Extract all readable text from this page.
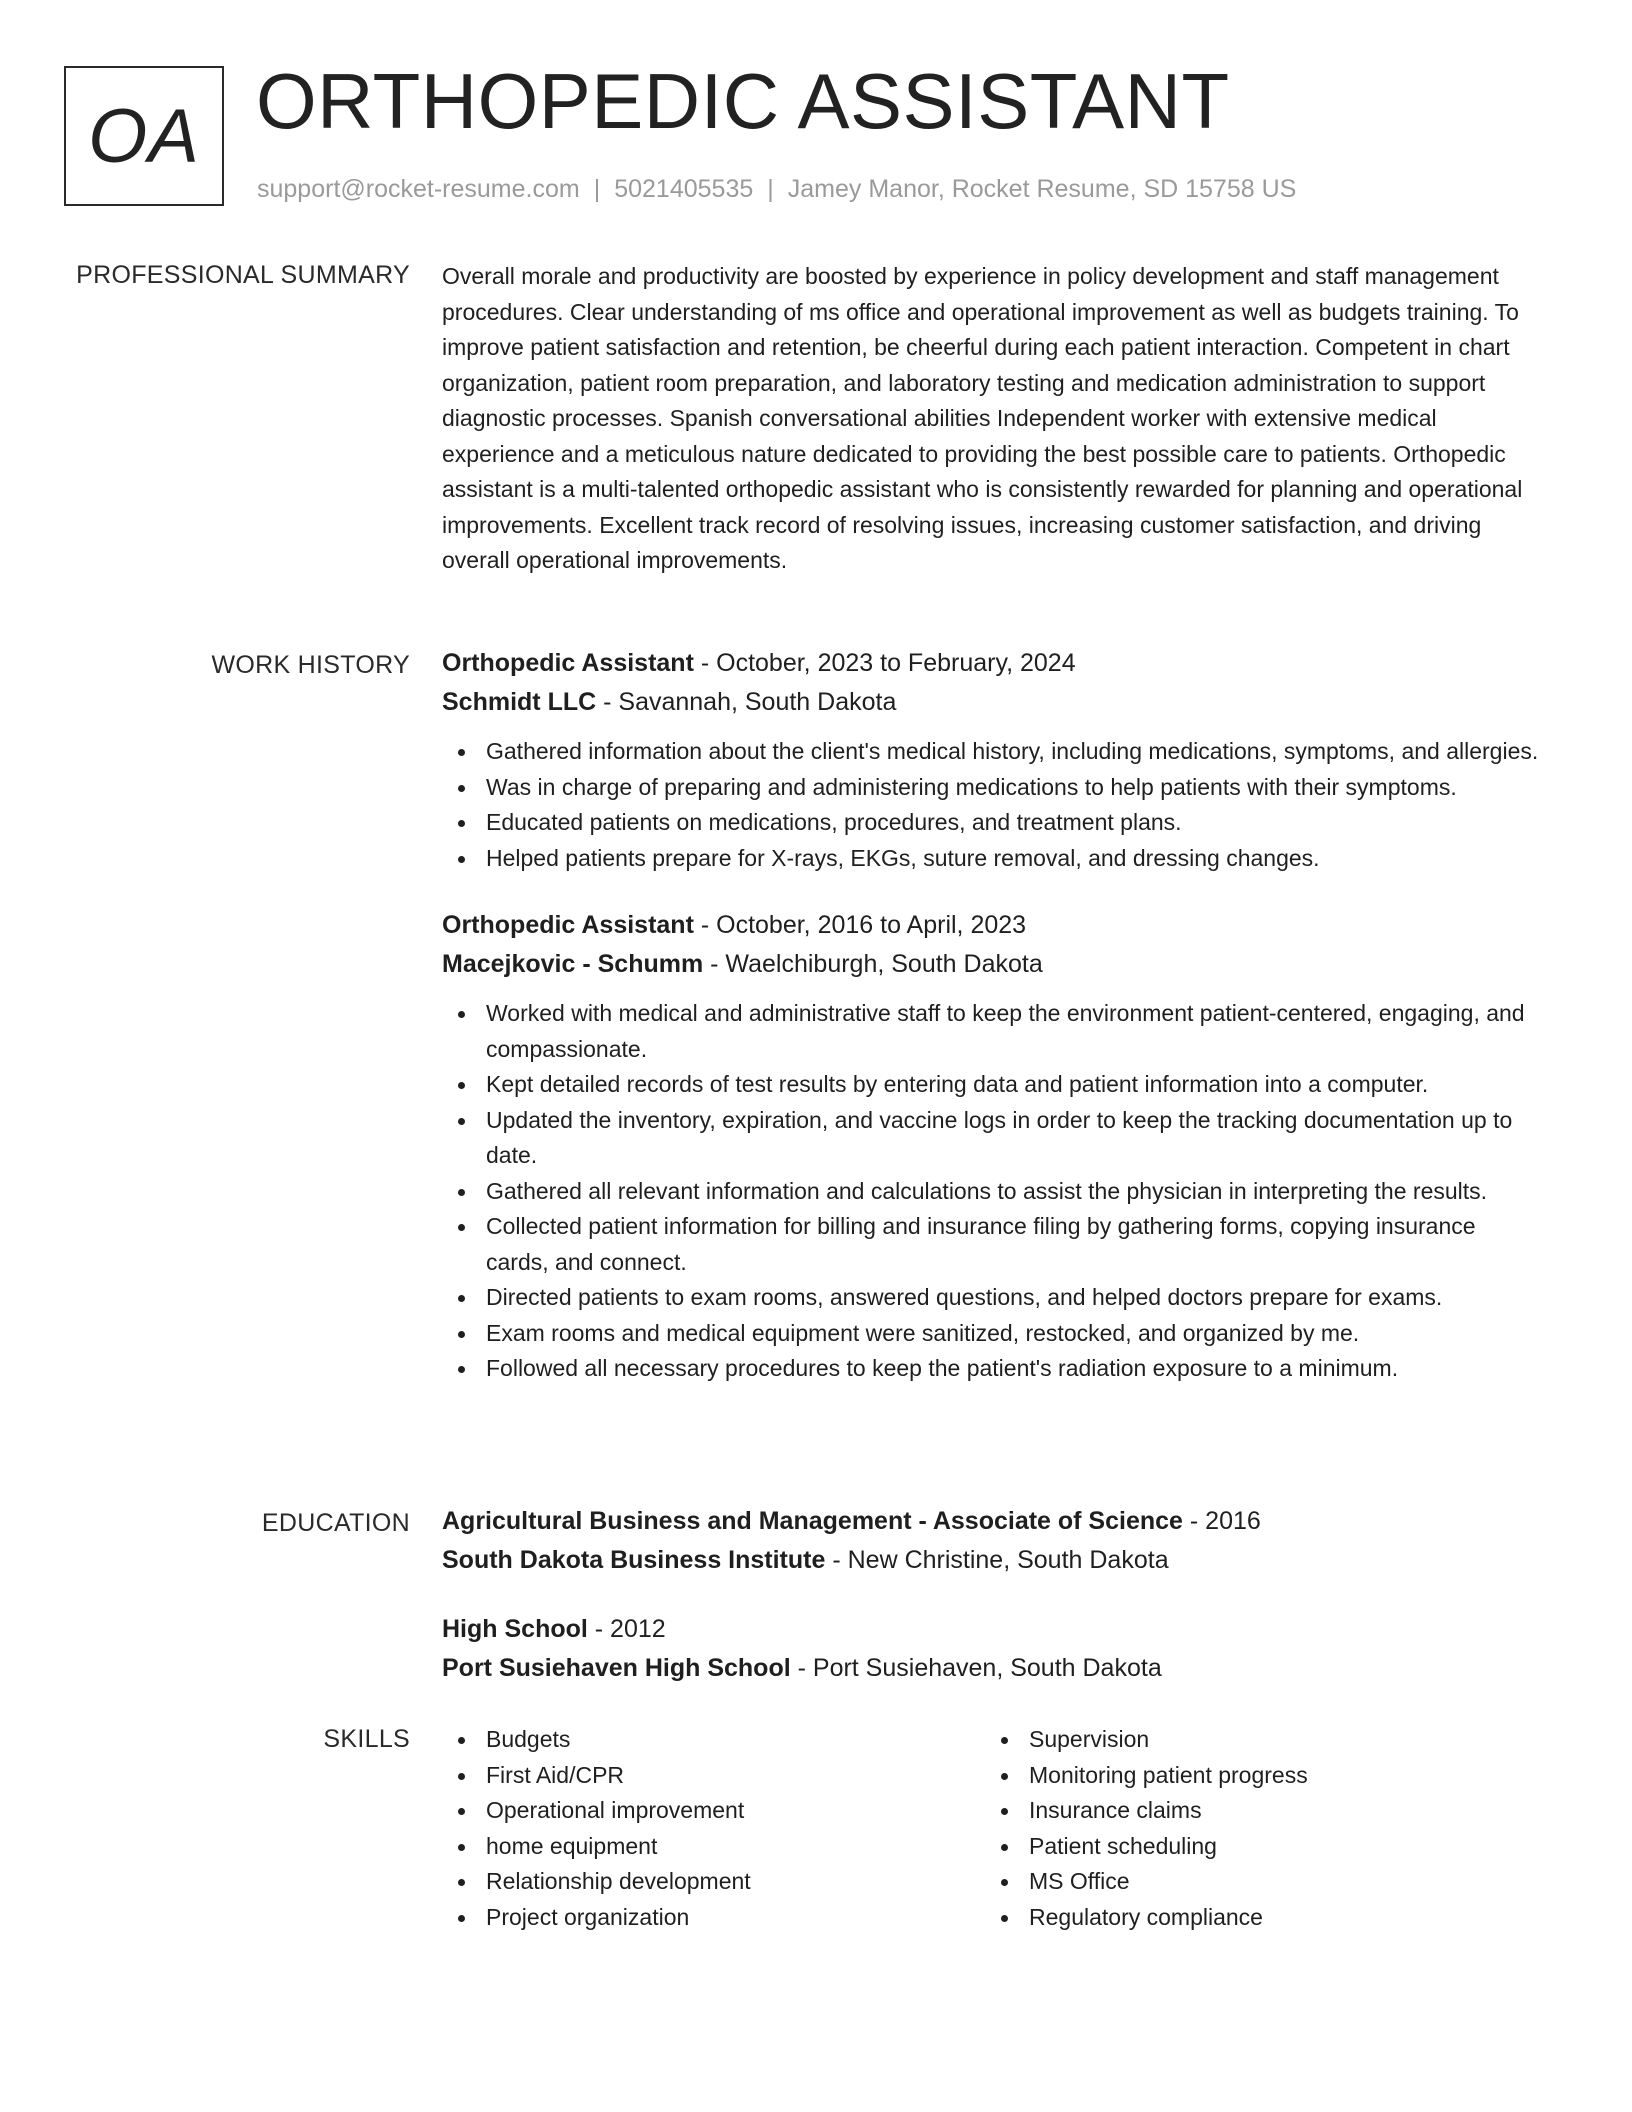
OA ORTHOPEDIC ASSISTANT
support@rocket-resume.com | 5021405535 | Jamey Manor, Rocket Resume, SD 15758 US
PROFESSIONAL SUMMARY Overall morale and productivity are boosted by experience in policy development and staff management procedures. Clear understanding of ms office and operational improvement as well as budgets training. To improve patient satisfaction and retention, be cheerful during each patient interaction. Competent in chart organization, patient room preparation, and laboratory testing and medication administration to support diagnostic processes. Spanish conversational abilities Independent worker with extensive medical experience and a meticulous nature dedicated to providing the best possible care to patients. Orthopedic assistant is a multi-talented orthopedic assistant who is consistently rewarded for planning and operational improvements. Excellent track record of resolving issues, increasing customer satisfaction, and driving overall operational improvements.

WORK HISTORY Orthopedic Assistant - October, 2023 to February, 2024
Schmidt LLC - Savannah, South Dakota
Gathered information about the client's medical history, including medications, symptoms, and allergies.
Was in charge of preparing and administering medications to help patients with their symptoms.
Educated patients on medications, procedures, and treatment plans.
Helped patients prepare for X-rays, EKGs, suture removal, and dressing changes.
Orthopedic Assistant - October, 2016 to April, 2023
Macejkovic - Schumm - Waelchiburgh, South Dakota
Worked with medical and administrative staff to keep the environment patient-centered, engaging, and compassionate.
Kept detailed records of test results by entering data and patient information into a computer.
Updated the inventory, expiration, and vaccine logs in order to keep the tracking documentation up to date.
Gathered all relevant information and calculations to assist the physician in interpreting the results.
Collected patient information for billing and insurance filing by gathering forms, copying insurance cards, and connect.
Directed patients to exam rooms, answered questions, and helped doctors prepare for exams.
Exam rooms and medical equipment were sanitized, restocked, and organized by me.
Followed all necessary procedures to keep the patient's radiation exposure to a minimum.
EDUCATION Agricultural Business and Management - Associate of Science - 2016
South Dakota Business Institute - New Christine, South Dakota
High School - 2012
Port Susiehaven High School - Port Susiehaven, South Dakota
SKILLS	Budgets
First Aid/CPR
Operational improvement
home equipment
Relationship development
Project organization
Supervision
Monitoring patient progress
Insurance claims
Patient scheduling
MS Office
Regulatory compliance
